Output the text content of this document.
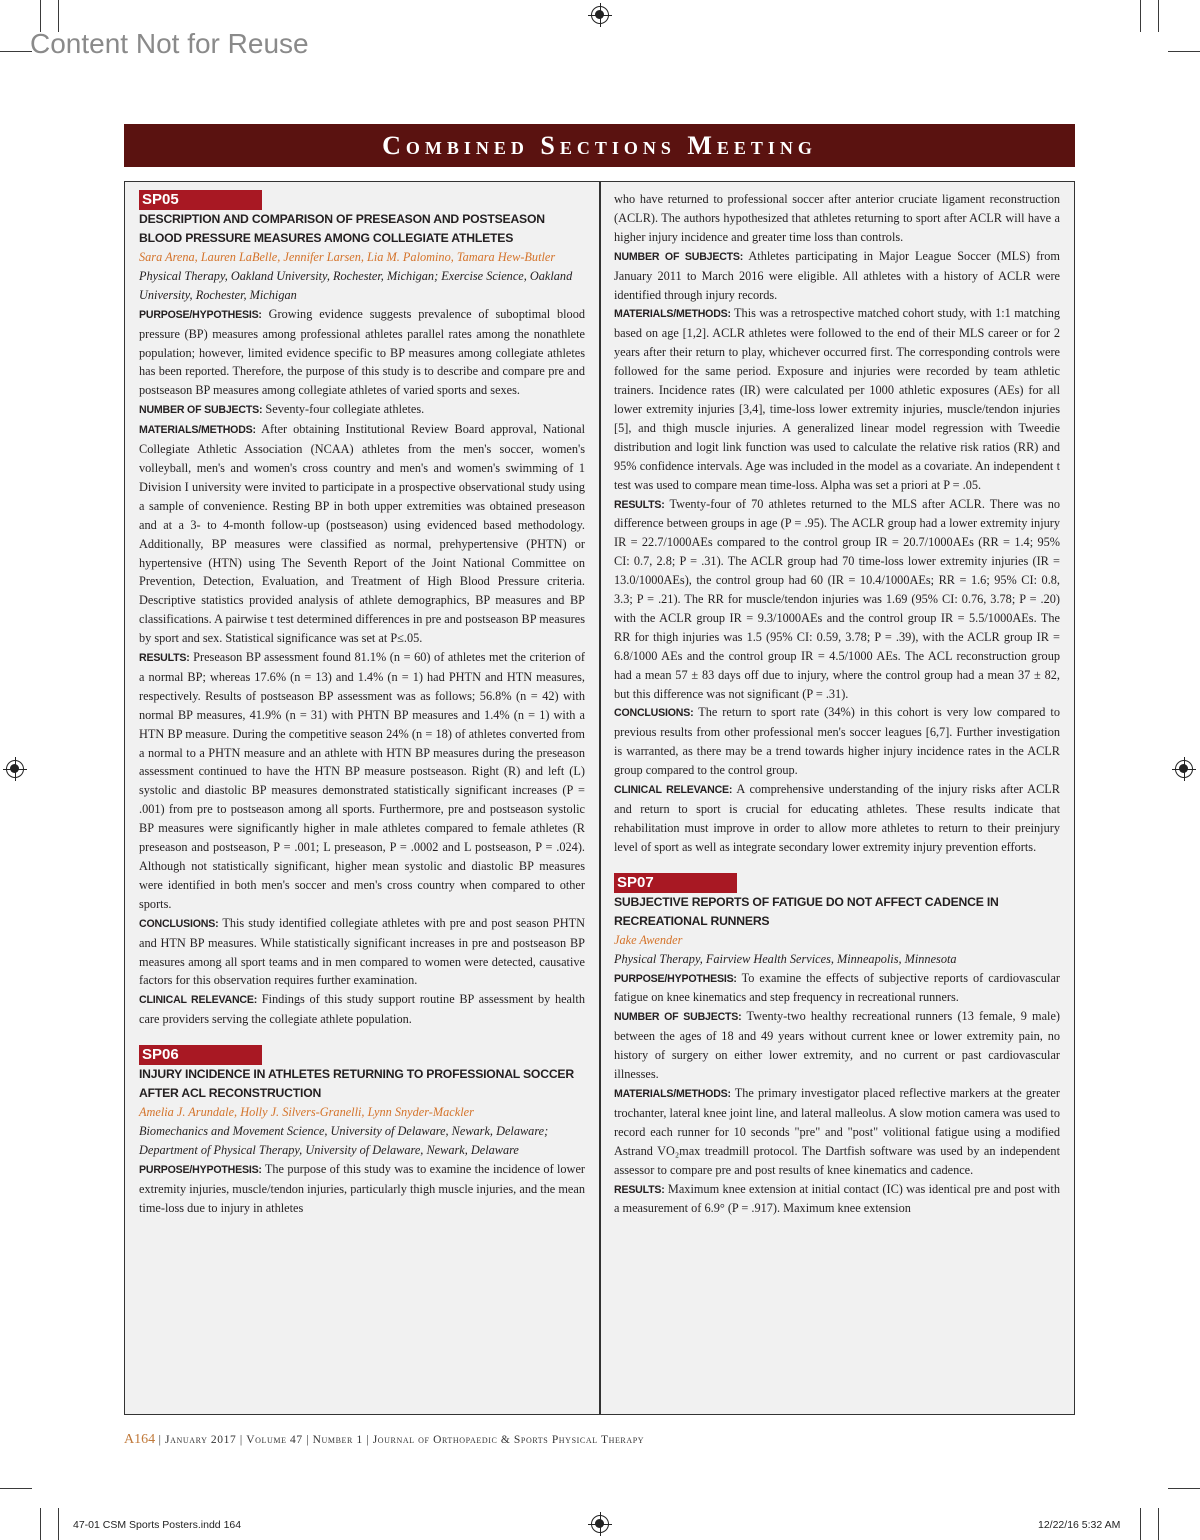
Content Not for Reuse
Combined Sections Meeting
SP05
DESCRIPTION AND COMPARISON OF PRESEASON AND POSTSEASON BLOOD PRESSURE MEASURES AMONG COLLEGIATE ATHLETES
Sara Arena, Lauren LaBelle, Jennifer Larsen, Lia M. Palomino, Tamara Hew-Butler
Physical Therapy, Oakland University, Rochester, Michigan; Exercise Science, Oakland University, Rochester, Michigan

PURPOSE/HYPOTHESIS: Growing evidence suggests prevalence of suboptimal blood pressure (BP) measures among professional athletes parallel rates among the nonathlete population; however, limited evidence specific to BP measures among collegiate athletes has been reported. Therefore, the purpose of this study is to describe and compare pre and postseason BP measures among collegiate athletes of varied sports and sexes.

NUMBER OF SUBJECTS: Seventy-four collegiate athletes.

MATERIALS/METHODS: After obtaining Institutional Review Board approval, National Collegiate Athletic Association (NCAA) athletes from the men's soccer, women's volleyball, men's and women's cross country and men's and women's swimming of 1 Division I university were invited to participate in a prospective observational study using a sample of convenience. Resting BP in both upper extremities was obtained preseason and at a 3- to 4-month follow-up (postseason) using evidenced based methodology. Additionally, BP measures were classified as normal, prehypertensive (PHTN) or hypertensive (HTN) using The Seventh Report of the Joint National Committee on Prevention, Detection, Evaluation, and Treatment of High Blood Pressure criteria. Descriptive statistics provided analysis of athlete demographics, BP measures and BP classifications. A pairwise t test determined differences in pre and postseason BP measures by sport and sex. Statistical significance was set at P≤.05.

RESULTS: Preseason BP assessment found 81.1% (n = 60) of athletes met the criterion of a normal BP; whereas 17.6% (n = 13) and 1.4% (n = 1) had PHTN and HTN measures, respectively. Results of postseason BP assessment was as follows; 56.8% (n = 42) with normal BP measures, 41.9% (n = 31) with PHTN BP measures and 1.4% (n = 1) with a HTN BP measure. During the competitive season 24% (n = 18) of athletes converted from a normal to a PHTN measure and an athlete with HTN BP measures during the preseason assessment continued to have the HTN BP measure postseason. Right (R) and left (L) systolic and diastolic BP measures demonstrated statistically significant increases (P = .001) from pre to postseason among all sports. Furthermore, pre and postseason systolic BP measures were significantly higher in male athletes compared to female athletes (R preseason and postseason, P = .001; L preseason, P = .0002 and L postseason, P = .024). Although not statistically significant, higher mean systolic and diastolic BP measures were identified in both men's soccer and men's cross country when compared to other sports.

CONCLUSIONS: This study identified collegiate athletes with pre and post season PHTN and HTN BP measures. While statistically significant increases in pre and postseason BP measures among all sport teams and in men compared to women were detected, causative factors for this observation requires further examination.

CLINICAL RELEVANCE: Findings of this study support routine BP assessment by health care providers serving the collegiate athlete population.

SP06
INJURY INCIDENCE IN ATHLETES RETURNING TO PROFESSIONAL SOCCER AFTER ACL RECONSTRUCTION
Amelia J. Arundale, Holly J. Silvers-Granelli, Lynn Snyder-Mackler
Biomechanics and Movement Science, University of Delaware, Newark, Delaware; Department of Physical Therapy, University of Delaware, Newark, Delaware

PURPOSE/HYPOTHESIS: The purpose of this study was to examine the incidence of lower extremity injuries, muscle/tendon injuries, particularly thigh muscle injuries, and the mean time-loss due to injury in athletes

who have returned to professional soccer after anterior cruciate ligament reconstruction (ACLR). The authors hypothesized that athletes returning to sport after ACLR will have a higher injury incidence and greater time loss than controls.

NUMBER OF SUBJECTS: Athletes participating in Major League Soccer (MLS) from January 2011 to March 2016 were eligible. All athletes with a history of ACLR were identified through injury records.

MATERIALS/METHODS: This was a retrospective matched cohort study, with 1:1 matching based on age [1,2]. ACLR athletes were followed to the end of their MLS career or for 2 years after their return to play, whichever occurred first. The corresponding controls were followed for the same period. Exposure and injuries were recorded by team athletic trainers. Incidence rates (IR) were calculated per 1000 athletic exposures (AEs) for all lower extremity injuries [3,4], time-loss lower extremity injuries, muscle/tendon injuries [5], and thigh muscle injuries. A generalized linear model regression with Tweedie distribution and logit link function was used to calculate the relative risk ratios (RR) and 95% confidence intervals. Age was included in the model as a covariate. An independent t test was used to compare mean time-loss. Alpha was set a priori at P = .05.

RESULTS: Twenty-four of 70 athletes returned to the MLS after ACLR. There was no difference between groups in age (P = .95). The ACLR group had a lower extremity injury IR = 22.7/1000AEs compared to the control group IR = 20.7/1000AEs (RR = 1.4; 95% CI: 0.7, 2.8; P = .31). The ACLR group had 70 time-loss lower extremity injuries (IR = 13.0/1000AEs), the control group had 60 (IR = 10.4/1000AEs; RR = 1.6; 95% CI: 0.8, 3.3; P = .21). The RR for muscle/tendon injuries was 1.69 (95% CI: 0.76, 3.78; P = .20) with the ACLR group IR = 9.3/1000AEs and the control group IR = 5.5/1000AEs. The RR for thigh injuries was 1.5 (95% CI: 0.59, 3.78; P = .39), with the ACLR group IR = 6.8/1000 AEs and the control group IR = 4.5/1000 AEs. The ACL reconstruction group had a mean 57 ± 83 days off due to injury, where the control group had a mean 37 ± 82, but this difference was not significant (P = .31).

CONCLUSIONS: The return to sport rate (34%) in this cohort is very low compared to previous results from other professional men's soccer leagues [6,7]. Further investigation is warranted, as there may be a trend towards higher injury incidence rates in the ACLR group compared to the control group.

CLINICAL RELEVANCE: A comprehensive understanding of the injury risks after ACLR and return to sport is crucial for educating athletes. These results indicate that rehabilitation must improve in order to allow more athletes to return to their preinjury level of sport as well as integrate secondary lower extremity injury prevention efforts.

SP07
SUBJECTIVE REPORTS OF FATIGUE DO NOT AFFECT CADENCE IN RECREATIONAL RUNNERS
Jake Awender
Physical Therapy, Fairview Health Services, Minneapolis, Minnesota

PURPOSE/HYPOTHESIS: To examine the effects of subjective reports of cardiovascular fatigue on knee kinematics and step frequency in recreational runners.

NUMBER OF SUBJECTS: Twenty-two healthy recreational runners (13 female, 9 male) between the ages of 18 and 49 years without current knee or lower extremity pain, no history of surgery on either lower extremity, and no current or past cardiovascular illnesses.

MATERIALS/METHODS: The primary investigator placed reflective markers at the greater trochanter, lateral knee joint line, and lateral malleolus. A slow motion camera was used to record each runner for 10 seconds "pre" and "post" volitional fatigue using a modified Astrand VO₂max treadmill protocol. The Dartfish software was used by an independent assessor to compare pre and post results of knee kinematics and cadence.

RESULTS: Maximum knee extension at initial contact (IC) was identical pre and post with a measurement of 6.9° (P = .917). Maximum knee extension

A164 | January 2017 | Volume 47 | Number 1 | Journal of Orthopaedic & Sports Physical Therapy
47-01 CSM Sports Posters.indd 164	12/22/16 5:32 AM
